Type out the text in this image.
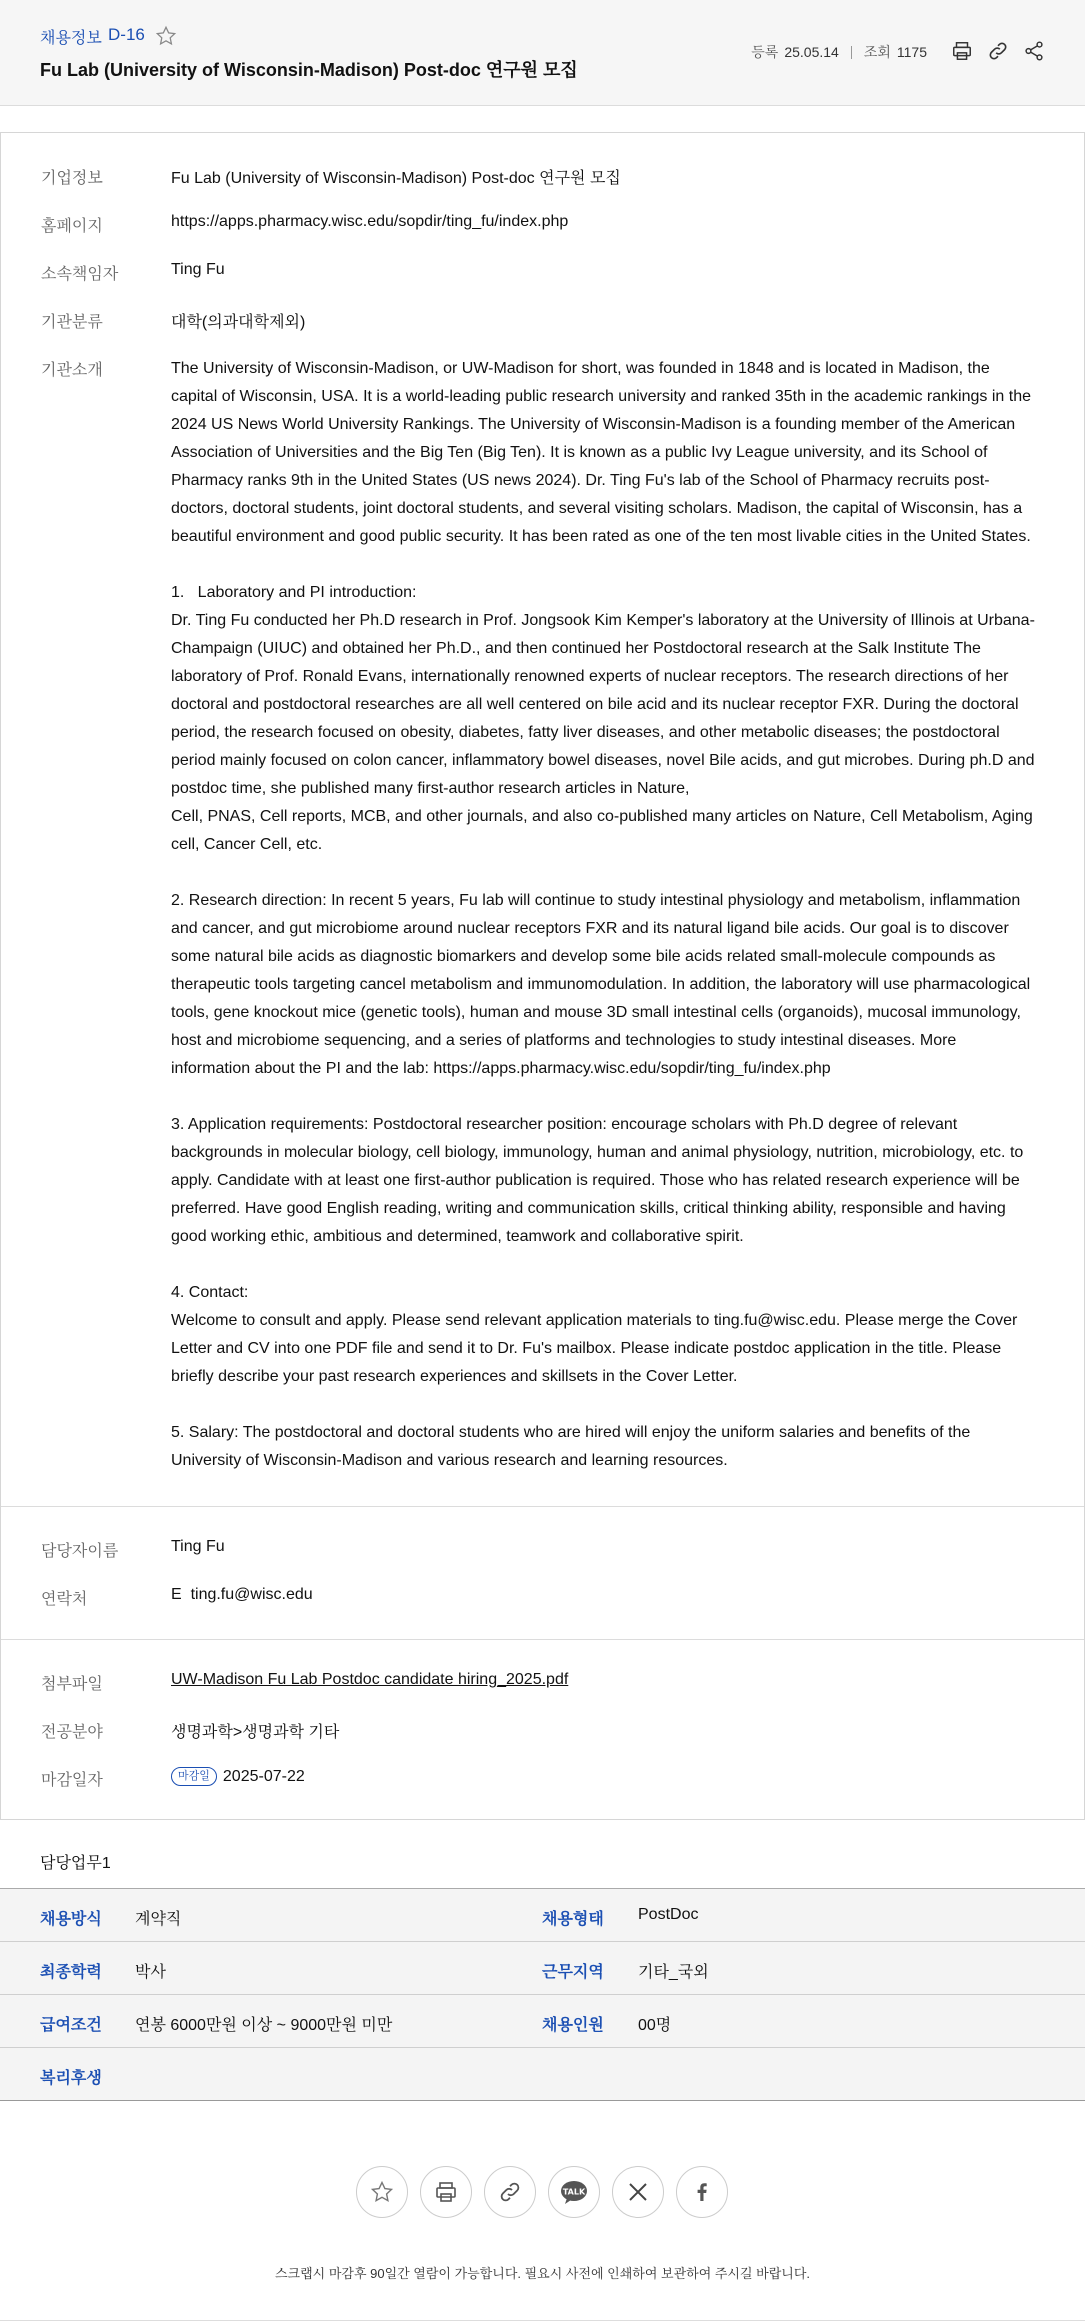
채용정보 D-16
Fu Lab (University of Wisconsin-Madison) Post-doc 연구원 모집
등록 25.05.14 조회 1175
기업정보	Fu Lab (University of Wisconsin-Madison) Post-doc 연구원 모집
홈페이지	https://apps.pharmacy.wisc.edu/sopdir/ting_fu/index.php
소속책임자	Ting Fu
기관분류	대학(의과대학제외)
기관소개	The University of Wisconsin-Madison, or UW-Madison for short, was founded in 1848 and is located in Madison, the
capital of Wisconsin, USA. It is a world-leading public research university and ranked 35th in the academic rankings in the
2024 US News World University Rankings. The University of Wisconsin-Madison is a founding member of the American
Association of Universities and the Big Ten (Big Ten). It is known as a public Ivy League university, and its School of
Pharmacy ranks 9th in the United States (US news 2024). Dr. Ting Fu's lab of the School of Pharmacy recruits post-
doctors, doctoral students, joint doctoral students, and several visiting scholars. Madison, the capital of Wisconsin, has a
beautiful environment and good public security. It has been rated as one of the ten most livable cities in the United States.

1.   Laboratory and PI introduction:
Dr. Ting Fu conducted her Ph.D research in Prof. Jongsook Kim Kemper's laboratory at the University of Illinois at Urbana-
Champaign (UIUC) and obtained her Ph.D., and then continued her Postdoctoral research at the Salk Institute The
laboratory of Prof. Ronald Evans, internationally renowned experts of nuclear receptors. The research directions of her
doctoral and postdoctoral researches are all well centered on bile acid and its nuclear receptor FXR. During the doctoral
period, the research focused on obesity, diabetes, fatty liver diseases, and other metabolic diseases; the postdoctoral
period mainly focused on colon cancer, inflammatory bowel diseases, novel Bile acids, and gut microbes. During ph.D and
postdoc time, she published many first-author research articles in Nature,
Cell, PNAS, Cell reports, MCB, and other journals, and also co-published many articles on Nature, Cell Metabolism, Aging
cell, Cancer Cell, etc.

2. Research direction: In recent 5 years, Fu lab will continue to study intestinal physiology and metabolism, inflammation
and cancer, and gut microbiome around nuclear receptors FXR and its natural ligand bile acids. Our goal is to discover
some natural bile acids as diagnostic biomarkers and develop some bile acids related small-molecule compounds as
therapeutic tools targeting cancel metabolism and immunomodulation. In addition, the laboratory will use pharmacological
tools, gene knockout mice (genetic tools), human and mouse 3D small intestinal cells (organoids), mucosal immunology,
host and microbiome sequencing, and a series of platforms and technologies to study intestinal diseases. More
information about the PI and the lab: https://apps.pharmacy.wisc.edu/sopdir/ting_fu/index.php

3. Application requirements: Postdoctoral researcher position: encourage scholars with Ph.D degree of relevant
backgrounds in molecular biology, cell biology, immunology, human and animal physiology, nutrition, microbiology, etc. to
apply. Candidate with at least one first-author publication is required. Those who has related research experience will be
preferred. Have good English reading, writing and communication skills, critical thinking ability, responsible and having
good working ethic, ambitious and determined, teamwork and collaborative spirit.

4. Contact:
Welcome to consult and apply. Please send relevant application materials to ting.fu@wisc.edu. Please merge the Cover
Letter and CV into one PDF file and send it to Dr. Fu's mailbox. Please indicate postdoc application in the title. Please
briefly describe your past research experiences and skillsets in the Cover Letter.

5. Salary: The postdoctoral and doctoral students who are hired will enjoy the uniform salaries and benefits of the
University of Wisconsin-Madison and various research and learning resources.

담당자이름	Ting Fu
연락처	E ting.fu@wisc.edu
첨부파일	UW-Madison Fu Lab Postdoc candidate hiring_2025.pdf
전공분야	생명과학>생명과학 기타
마감일자	마감일 2025-07-22
담당업무1
채용방식 계약직	채용형태 PostDoc
최종학력 박사	근무지역 기타_국외
급여조건 연봉 6000만원 이상 ~ 9000만원 미만	채용인원 00명
복리후생
TALK
스크랩시 마감후 90일간 열람이 가능합니다. 필요시 사전에 인쇄하여 보관하여 주시길 바랍니다.
